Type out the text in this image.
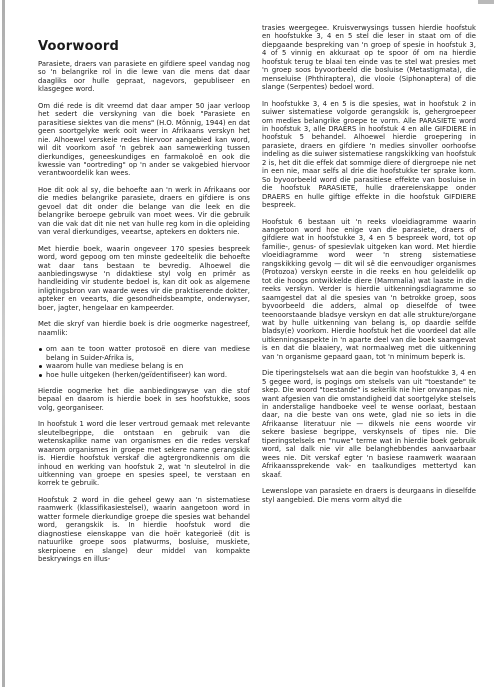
Voorwoord

Parasiete, draers van parasiete en gifdiere speel vandag nog so 'n belangrike rol in die lewe van die mens dat daar daagliks oor hulle gepraat, nagevors, gepubliseer en klasgegee word.

Om dié rede is dit vreemd dat daar amper 50 jaar verloop het sedert die verskyning van die boek "Parasiete en parasitiese siektes van die mens" (H.O. Mönnig, 1944) en dat geen soortgelyke werk ooit weer in Afrikaans verskyn het nie. Alhoewel verskeie redes hiervoor aangebied kan word, wil dit voorkom asof 'n gebrek aan samewerking tussen dierkundiges, geneeskundiges en farmakoloë en ook die kwessie van "oortreding" op 'n ander se vakgebied hiervoor verantwoordelik kan wees.

Hoe dit ook al sy, die behoefte aan 'n werk in Afrikaans oor die medies belangrike parasiete, draers en gifdiere is ons gevoel dat dit onder die belange van die leek en die belangrike beroepe gebruik van moet wees. Vir die gebruik van die vak dat dit nie net van hulle reg kom in die opleiding van veral dierkundiges, veeartse, aptekers en dokters nie.

Met hierdie boek, waarin ongeveer 170 spesies bespreek word, word gepoog om ten minste gedeeltelik die behoefte wat daar tans bestaan te bevredig. Alhoewel die aanbiedingswyse 'n didaktiese styl volg en primêr as handleiding vir studente bedoel is, kan dit ook as algemene inligtingsbron van waarde wees vir die praktiserende dokter, apteker en veearts, die gesondheidsbeampte, onderwyser, boer, jagter, hengelaar en kampeerder.

Met die skryf van hierdie boek is drie oogmerke nagestreef, naamlik:

om aan te toon watter protosoë en diere van mediese belang in Suider-Afrika is,
waarom hulle van mediese belang is en
hoe hulle uitgeken (herken/geïdentifiseer) kan word.

Hierdie oogmerke het die aanbiedingswyse van die stof bepaal en daarom is hierdie boek in ses hoofstukke, soos volg, georganiseer.

In hoofstuk 1 word die leser vertroud gemaak met relevante sleutelbegrippe, die ontstaan en gebruik van die wetenskaplike name van organismes en die redes verskaf waarom organismes in groepe met sekere name gerangskik is. Hierdie hoofstuk verskaf die agtergrondkennis om die inhoud en werking van hoofstuk 2, wat 'n sleutelrol in die uitkenning van groepe en spesies speel, te verstaan en korrek te gebruik.

Hoofstuk 2 word in die geheel gewy aan 'n sistematiese raamwerk (klassifikasiestelsel), waarin aangetoon word in watter formele dierkundige groepe die spesies wat behandel word, gerangskik is. In hierdie hoofstuk word die diagnostiese eienskappe van die hoër kategorieë (dit is natuurlike groepe soos platwurms, bosluise, muskiete, skerpioene en slange) deur middel van kompakte beskrywings en illus-

trasies weergegee. Kruisverwysings tussen hierdie hoofstuk en hoofstukke 3, 4 en 5 stel die leser in staat om of die diepgaande bespreking van 'n groep of spesie in hoofstuk 3, 4 of 5 vinnig en akkuraat op te spoor óf om na hierdie hoofstuk terug te blaai ten einde vas te stel wat presies met 'n groep soos byvoorbeeld die bosluise (Metastigmata), die menseluise (Phthiraptera), die vlooie (Siphonaptera) of die slange (Serpentes) bedoel word.

In hoofstukke 3, 4 en 5 is die spesies, wat in hoofstuk 2 in suiwer sistematiese volgorde gerangskik is, gehergroepeer om medies belangrike groepe te vorm. Alle PARASIETE word in hoofstuk 3, alle DRAERS in hoofstuk 4 en alle GIFDIERE in hoofstuk 5 behandel. Alhoewel hierdie groepering in parasiete, draers en gifdiere 'n medies sinvoller oorhoofse indeling as die suiwer sistematiese rangskikking van hoofstuk 2 is, het dit die effek dat sommige diere of diergroepe nie net in een nie, maar selfs al drie die hoofstukke ter sprake kom. So byvoorbeeld word die parasitiese effekte van bosluise in die hoofstuk PARASIETE, hulle draereienskappe onder DRAERS en hulle giftige effekte in die hoofstuk GIFDIERE bespreek.

Hoofstuk 6 bestaan uit 'n reeks vloeidiagramme waarin aangetoon word hoe enige van die parasiete, draers of gifdiere wat in hoofstukke 3, 4 en 5 bespreek word, tot op familie-, genus- of spesievlak uitgeken kan word. Met hierdie vloeidiagramme word weer 'n streng sistematiese rangskikking gevolg — dit wil sê die eenvoudiger organismes (Protozoa) verskyn eerste in die reeks en hou geleidelik op tot die hoogs ontwikkelde diere (Mammalia) wat laaste in die reeks verskyn. Verder is hierdie uitkenningsdiagramme so saamgestel dat al die spesies van 'n betrokke groep, soos byvoorbeeld die adders, almal op dieselfde of twee teenoorstaande bladsye verskyn en dat alle strukture/organe wat by hulle uitkenning van belang is, op daardie selfde bladsy(e) voorkom. Hierdie hoofstuk het die voordeel dat alle uitkenningsaspekte in 'n aparte deel van die boek saamgevat is en dat die blaaiery, wat normaalweg met die uitkenning van 'n organisme gepaard gaan, tot 'n minimum beperk is.

Die tiperingstelsels wat aan die begin van hoofstukke 3, 4 en 5 gegee word, is pogings om stelsels van uit "toestande" te skep. Die woord "toestande" is sekerlik nie hier onvanpas nie, want afgesien van die omstandigheid dat soortgelyke stelsels in anderstalige handboeke veel te wense oorlaat, bestaan daar, na die beste van ons wete, glad nie so iets in die Afrikaanse literatuur nie — dikwels nie eens woorde vir sekere basiese begrippe, verskynsels of tipes nie. Die tiperingstelsels en "nuwe" terme wat in hierdie boek gebruik word, sal dalk nie vir alle belanghebbendes aanvaarbaar wees nie. Dit verskaf egter 'n basiese raamwerk waaraan Afrikaanssprekende vak- en taalkundiges mettertyd kan skaaf.

Lewenslope van parasiete en draers is deurgaans in dieselfde styl aangebied. Die mens vorm altyd die
